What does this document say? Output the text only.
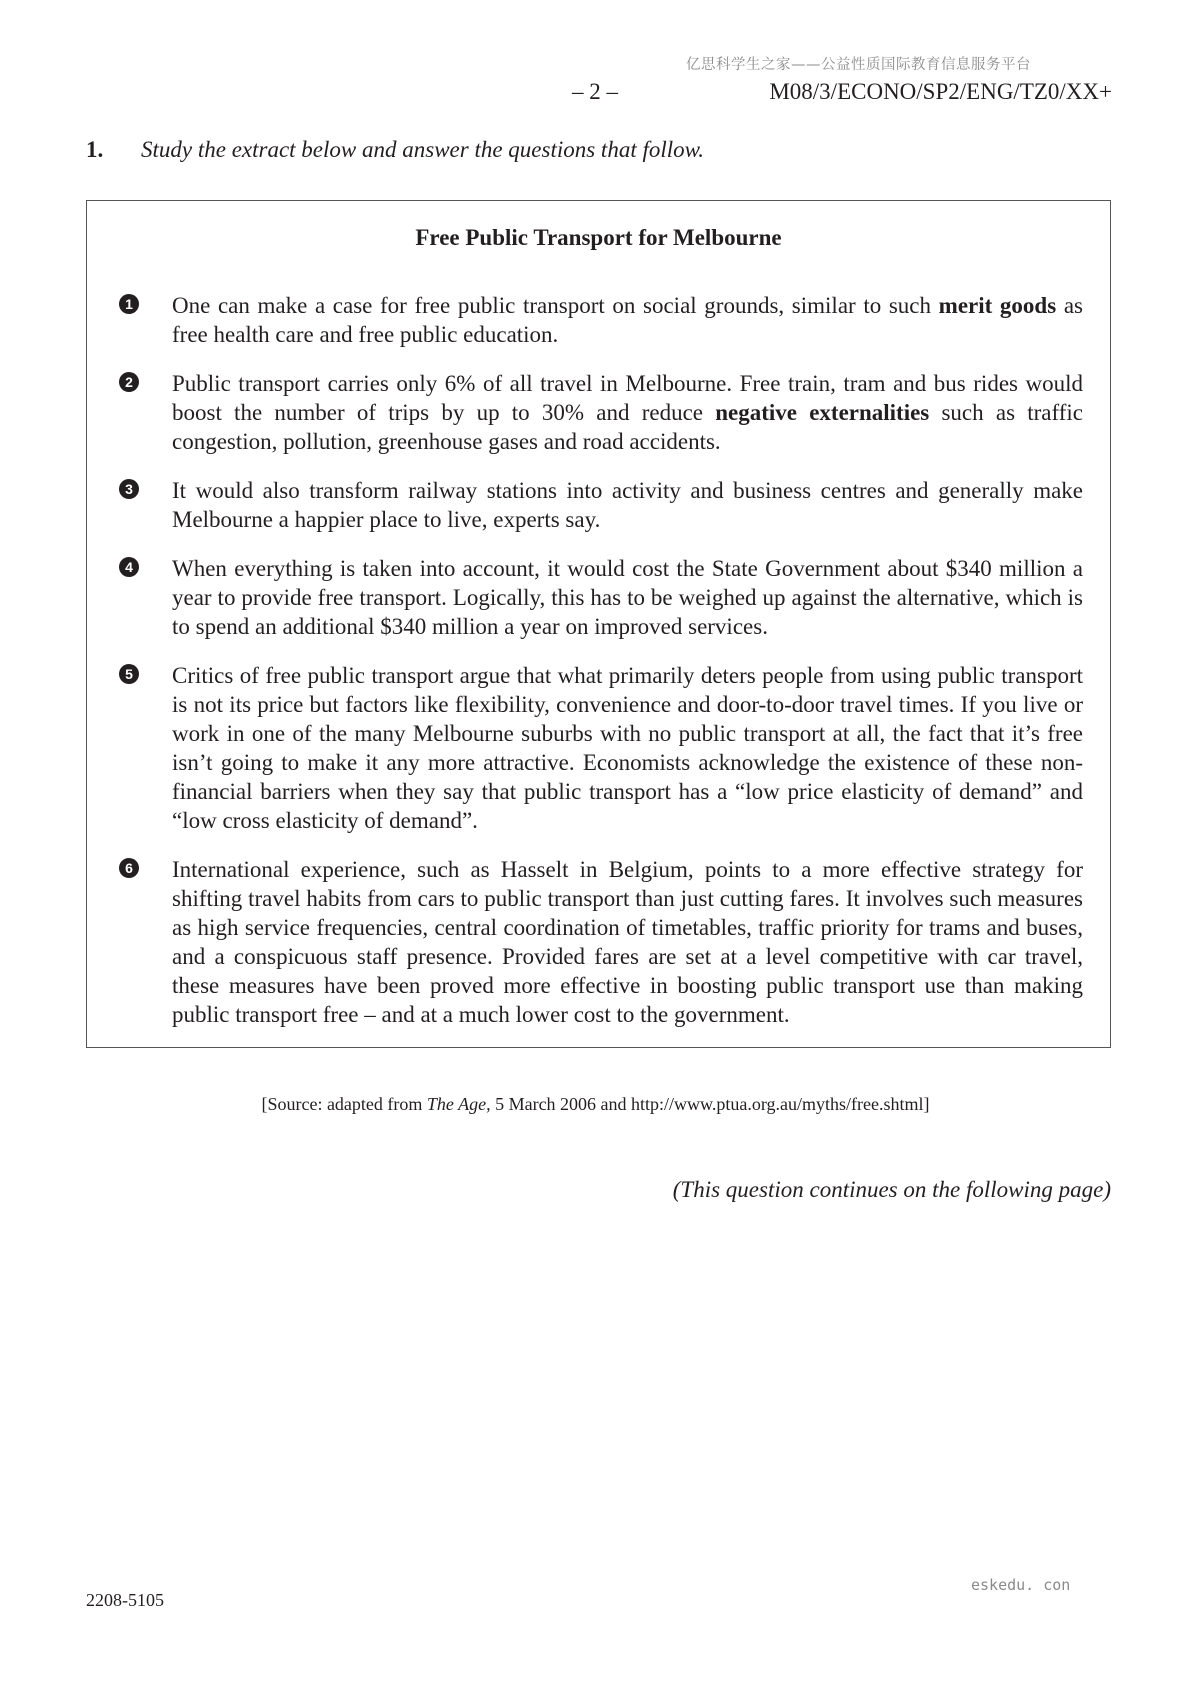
亿思科学生之家——公益性质国际教育信息服务平台
– 2 –	M08/3/ECONO/SP2/ENG/TZ0/XX+
1. Study the extract below and answer the questions that follow.
Free Public Transport for Melbourne
1 One can make a case for free public transport on social grounds, similar to such merit goods as free health care and free public education.
2 Public transport carries only 6% of all travel in Melbourne. Free train, tram and bus rides would boost the number of trips by up to 30% and reduce negative externalities such as traffic congestion, pollution, greenhouse gases and road accidents.
3 It would also transform railway stations into activity and business centres and generally make Melbourne a happier place to live, experts say.
4 When everything is taken into account, it would cost the State Government about $340 million a year to provide free transport. Logically, this has to be weighed up against the alternative, which is to spend an additional $340 million a year on improved services.
5 Critics of free public transport argue that what primarily deters people from using public transport is not its price but factors like flexibility, convenience and door-to-door travel times. If you live or work in one of the many Melbourne suburbs with no public transport at all, the fact that it’s free isn’t going to make it any more attractive. Economists acknowledge the existence of these non-financial barriers when they say that public transport has a “low price elasticity of demand” and “low cross elasticity of demand”.
6 International experience, such as Hasselt in Belgium, points to a more effective strategy for shifting travel habits from cars to public transport than just cutting fares. It involves such measures as high service frequencies, central coordination of timetables, traffic priority for trams and buses, and a conspicuous staff presence. Provided fares are set at a level competitive with car travel, these measures have been proved more effective in boosting public transport use than making public transport free – and at a much lower cost to the government.
[Source: adapted from The Age, 5 March 2006 and http://www.ptua.org.au/myths/free.shtml]
(This question continues on the following page)
2208-5105
eskedu. con
